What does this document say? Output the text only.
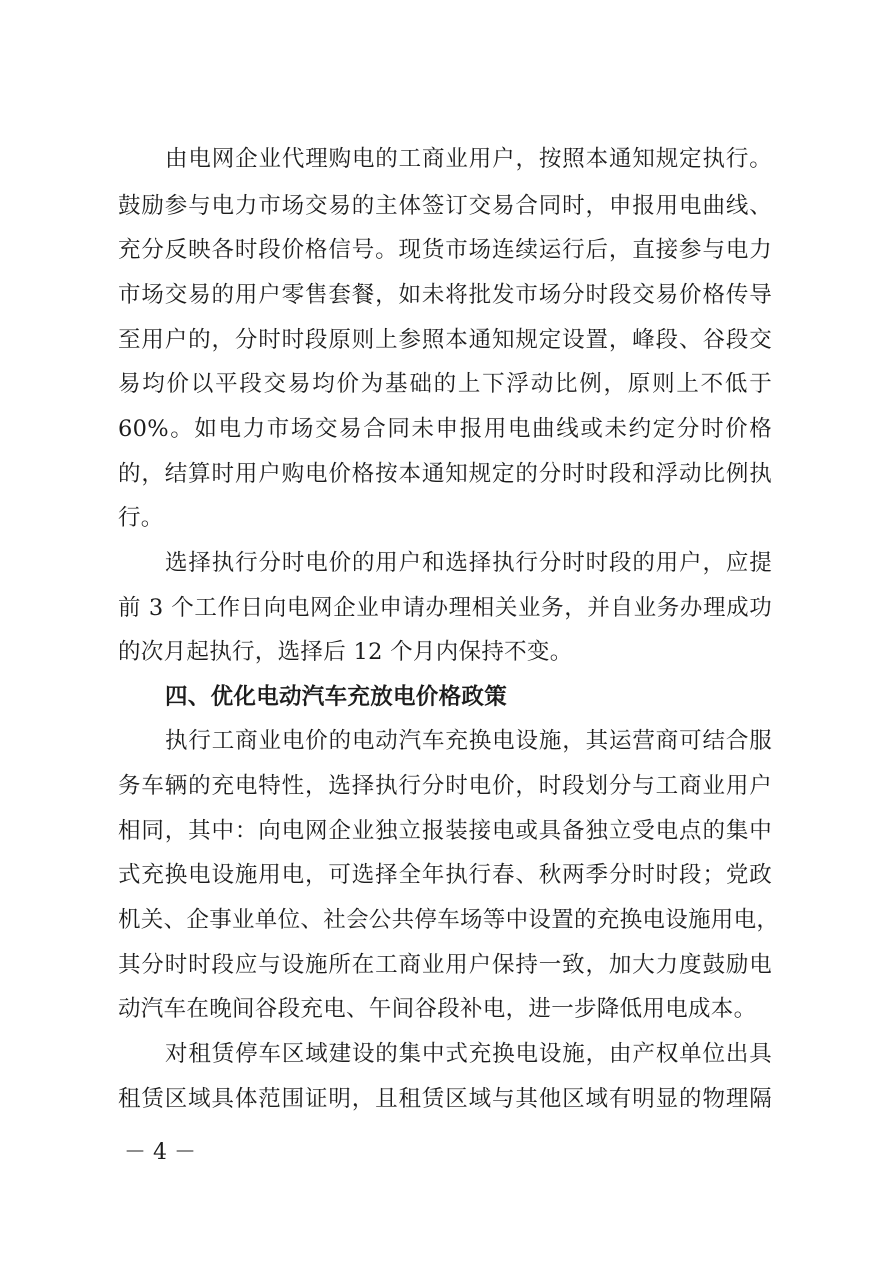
由电网企业代理购电的工商业用户，按照本通知规定执行。
鼓励参与电力市场交易的主体签订交易合同时，申报用电曲线、
充分反映各时段价格信号。现货市场连续运行后，直接参与电力
市场交易的用户零售套餐，如未将批发市场分时段交易价格传导
至用户的，分时时段原则上参照本通知规定设置，峰段、谷段交
易均价以平段交易均价为基础的上下浮动比例，原则上不低于
60%。如电力市场交易合同未申报用电曲线或未约定分时价格
的，结算时用户购电价格按本通知规定的分时时段和浮动比例执
行。
选择执行分时电价的用户和选择执行分时时段的用户，应提
前 3 个工作日向电网企业申请办理相关业务，并自业务办理成功
的次月起执行，选择后 12 个月内保持不变。
四、优化电动汽车充放电价格政策
执行工商业电价的电动汽车充换电设施，其运营商可结合服
务车辆的充电特性，选择执行分时电价，时段划分与工商业用户
相同，其中：向电网企业独立报装接电或具备独立受电点的集中
式充换电设施用电，可选择全年执行春、秋两季分时时段；党政
机关、企事业单位、社会公共停车场等中设置的充换电设施用电，
其分时时段应与设施所在工商业用户保持一致，加大力度鼓励电
动汽车在晚间谷段充电、午间谷段补电，进一步降低用电成本。
对租赁停车区域建设的集中式充换电设施，由产权单位出具
租赁区域具体范围证明，且租赁区域与其他区域有明显的物理隔
－ 4 －
